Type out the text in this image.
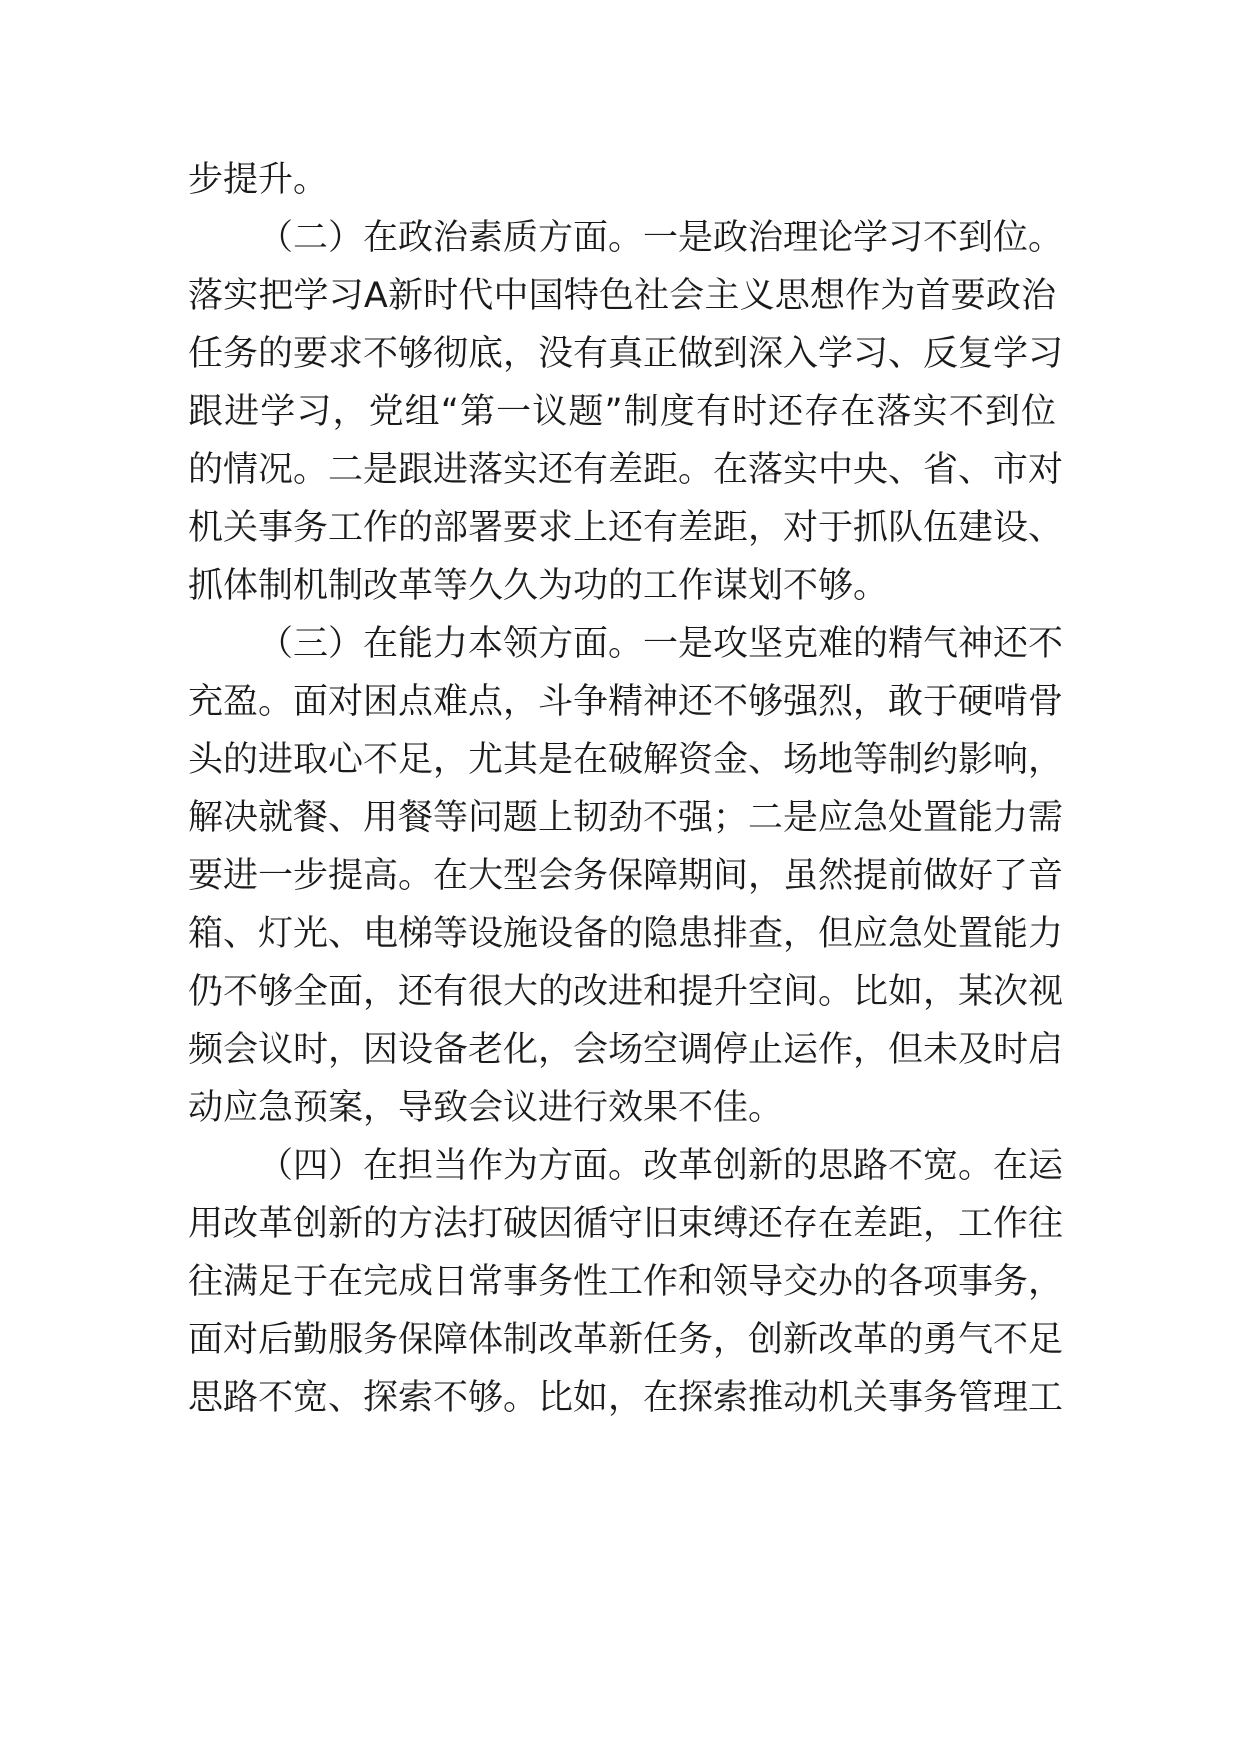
步提升。
（二）在政治素质方面。一是政治理论学习不到位。
落实把学习A新时代中国特色社会主义思想作为首要政治
任务的要求不够彻底，没有真正做到深入学习、反复学习
跟进学习，党组“第一议题”制度有时还存在落实不到位
的情况。二是跟进落实还有差距。在落实中央、省、市对
机关事务工作的部署要求上还有差距，对于抓队伍建设、
抓体制机制改革等久久为功的工作谋划不够。
（三）在能力本领方面。一是攻坚克难的精气神还不
充盈。面对困点难点，斗争精神还不够强烈，敢于硬啃骨
头的进取心不足，尤其是在破解资金、场地等制约影响，
解决就餐、用餐等问题上韧劲不强；二是应急处置能力需
要进一步提高。在大型会务保障期间，虽然提前做好了音
箱、灯光、电梯等设施设备的隐患排查，但应急处置能力
仍不够全面，还有很大的改进和提升空间。比如，某次视
频会议时，因设备老化，会场空调停止运作，但未及时启
动应急预案，导致会议进行效果不佳。
（四）在担当作为方面。改革创新的思路不宽。在运
用改革创新的方法打破因循守旧束缚还存在差距，工作往
往满足于在完成日常事务性工作和领导交办的各项事务，
面对后勤服务保障体制改革新任务，创新改革的勇气不足
思路不宽、探索不够。比如，在探索推动机关事务管理工
